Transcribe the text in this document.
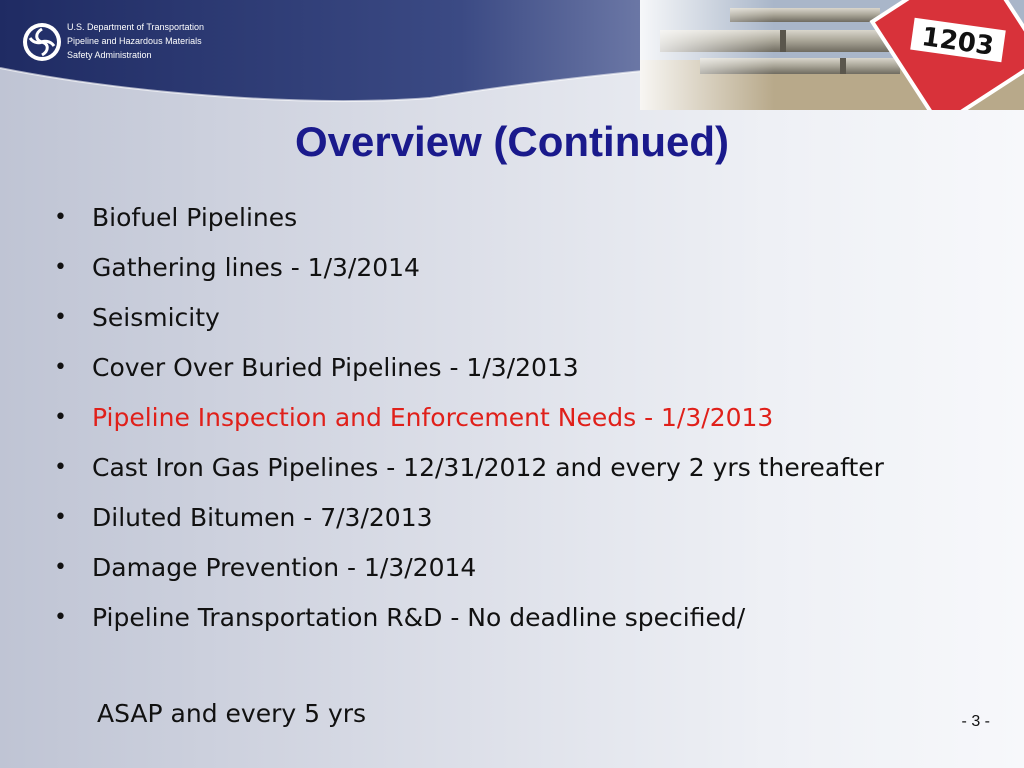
U.S. Department of Transportation
Pipeline and Hazardous Materials
Safety Administration
Overview (Continued)
• Biofuel Pipelines
• Gathering lines - 1/3/2014
• Seismicity
• Cover Over Buried Pipelines - 1/3/2013
• Pipeline Inspection and Enforcement Needs - 1/3/2013
• Cast Iron Gas Pipelines - 12/31/2012 and every 2 yrs thereafter
• Diluted Bitumen - 7/3/2013
• Damage Prevention - 1/3/2014
• Pipeline Transportation R&D - No deadline specified/
ASAP and every 5 yrs	- 3 -
